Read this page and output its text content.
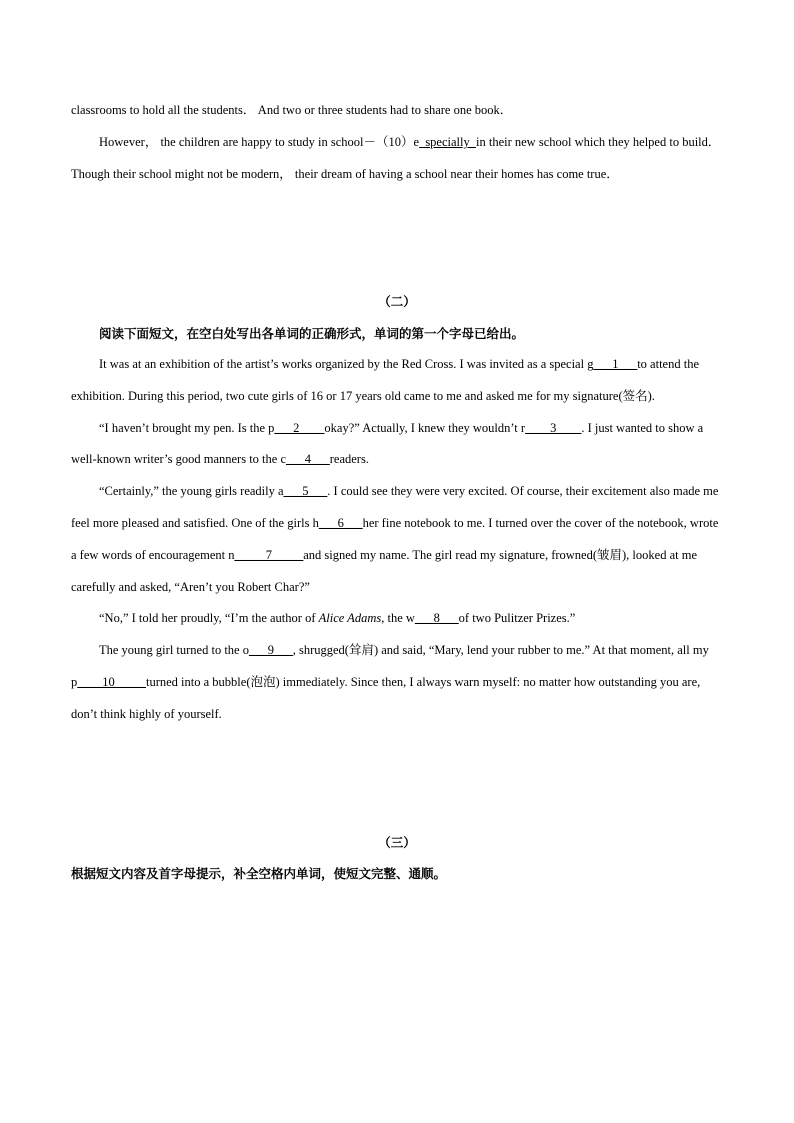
classrooms to hold all the students． And two or three students had to share one book．

However， the children are happy to study in school－（10）e  specially  in their new school which they helped to build． Though their school might not be modern， their dream of having a school near their homes has come true．

（二）
阅读下面短文，在空白处写出各单词的正确形式，单词的第一个字母已给出。

It was at an exhibition of the artist’s works organized by the Red Cross. I was invited as a special g___1___to attend the exhibition. During this period, two cute girls of 16 or 17 years old came to me and asked me for my signature(签名).

“I haven’t brought my pen. Is the p___2____okay?” Actually, I knew they wouldn’t r____3____. I just wanted to show a well-known writer’s good manners to the c___4___readers.

“Certainly,” the young girls readily a___5___. I could see they were very excited. Of course, their excitement also made me feel more pleased and satisfied. One of the girls h___6___her fine notebook to me. I turned over the cover of the notebook, wrote a few words of encouragement n_____7_____and signed my name. The girl read my signature, frowned(皱眉), looked at me carefully and asked, “Aren’t you Robert Char?”

“No,” I told her proudly, “I’m the author of Alice Adams, the w___8___of two Pulitzer Prizes.”

The young girl turned to the o___9___, shrugged(耸肩) and said, “Mary, lend your rubber to me.” At that moment, all my p____10_____turned into a bubble(泡泡) immediately. Since then, I always warn myself: no matter how outstanding you are, don’t think highly of yourself.

（三）
根据短文内容及首字母提示，补全空格内单词，使短文完整、通顺。
